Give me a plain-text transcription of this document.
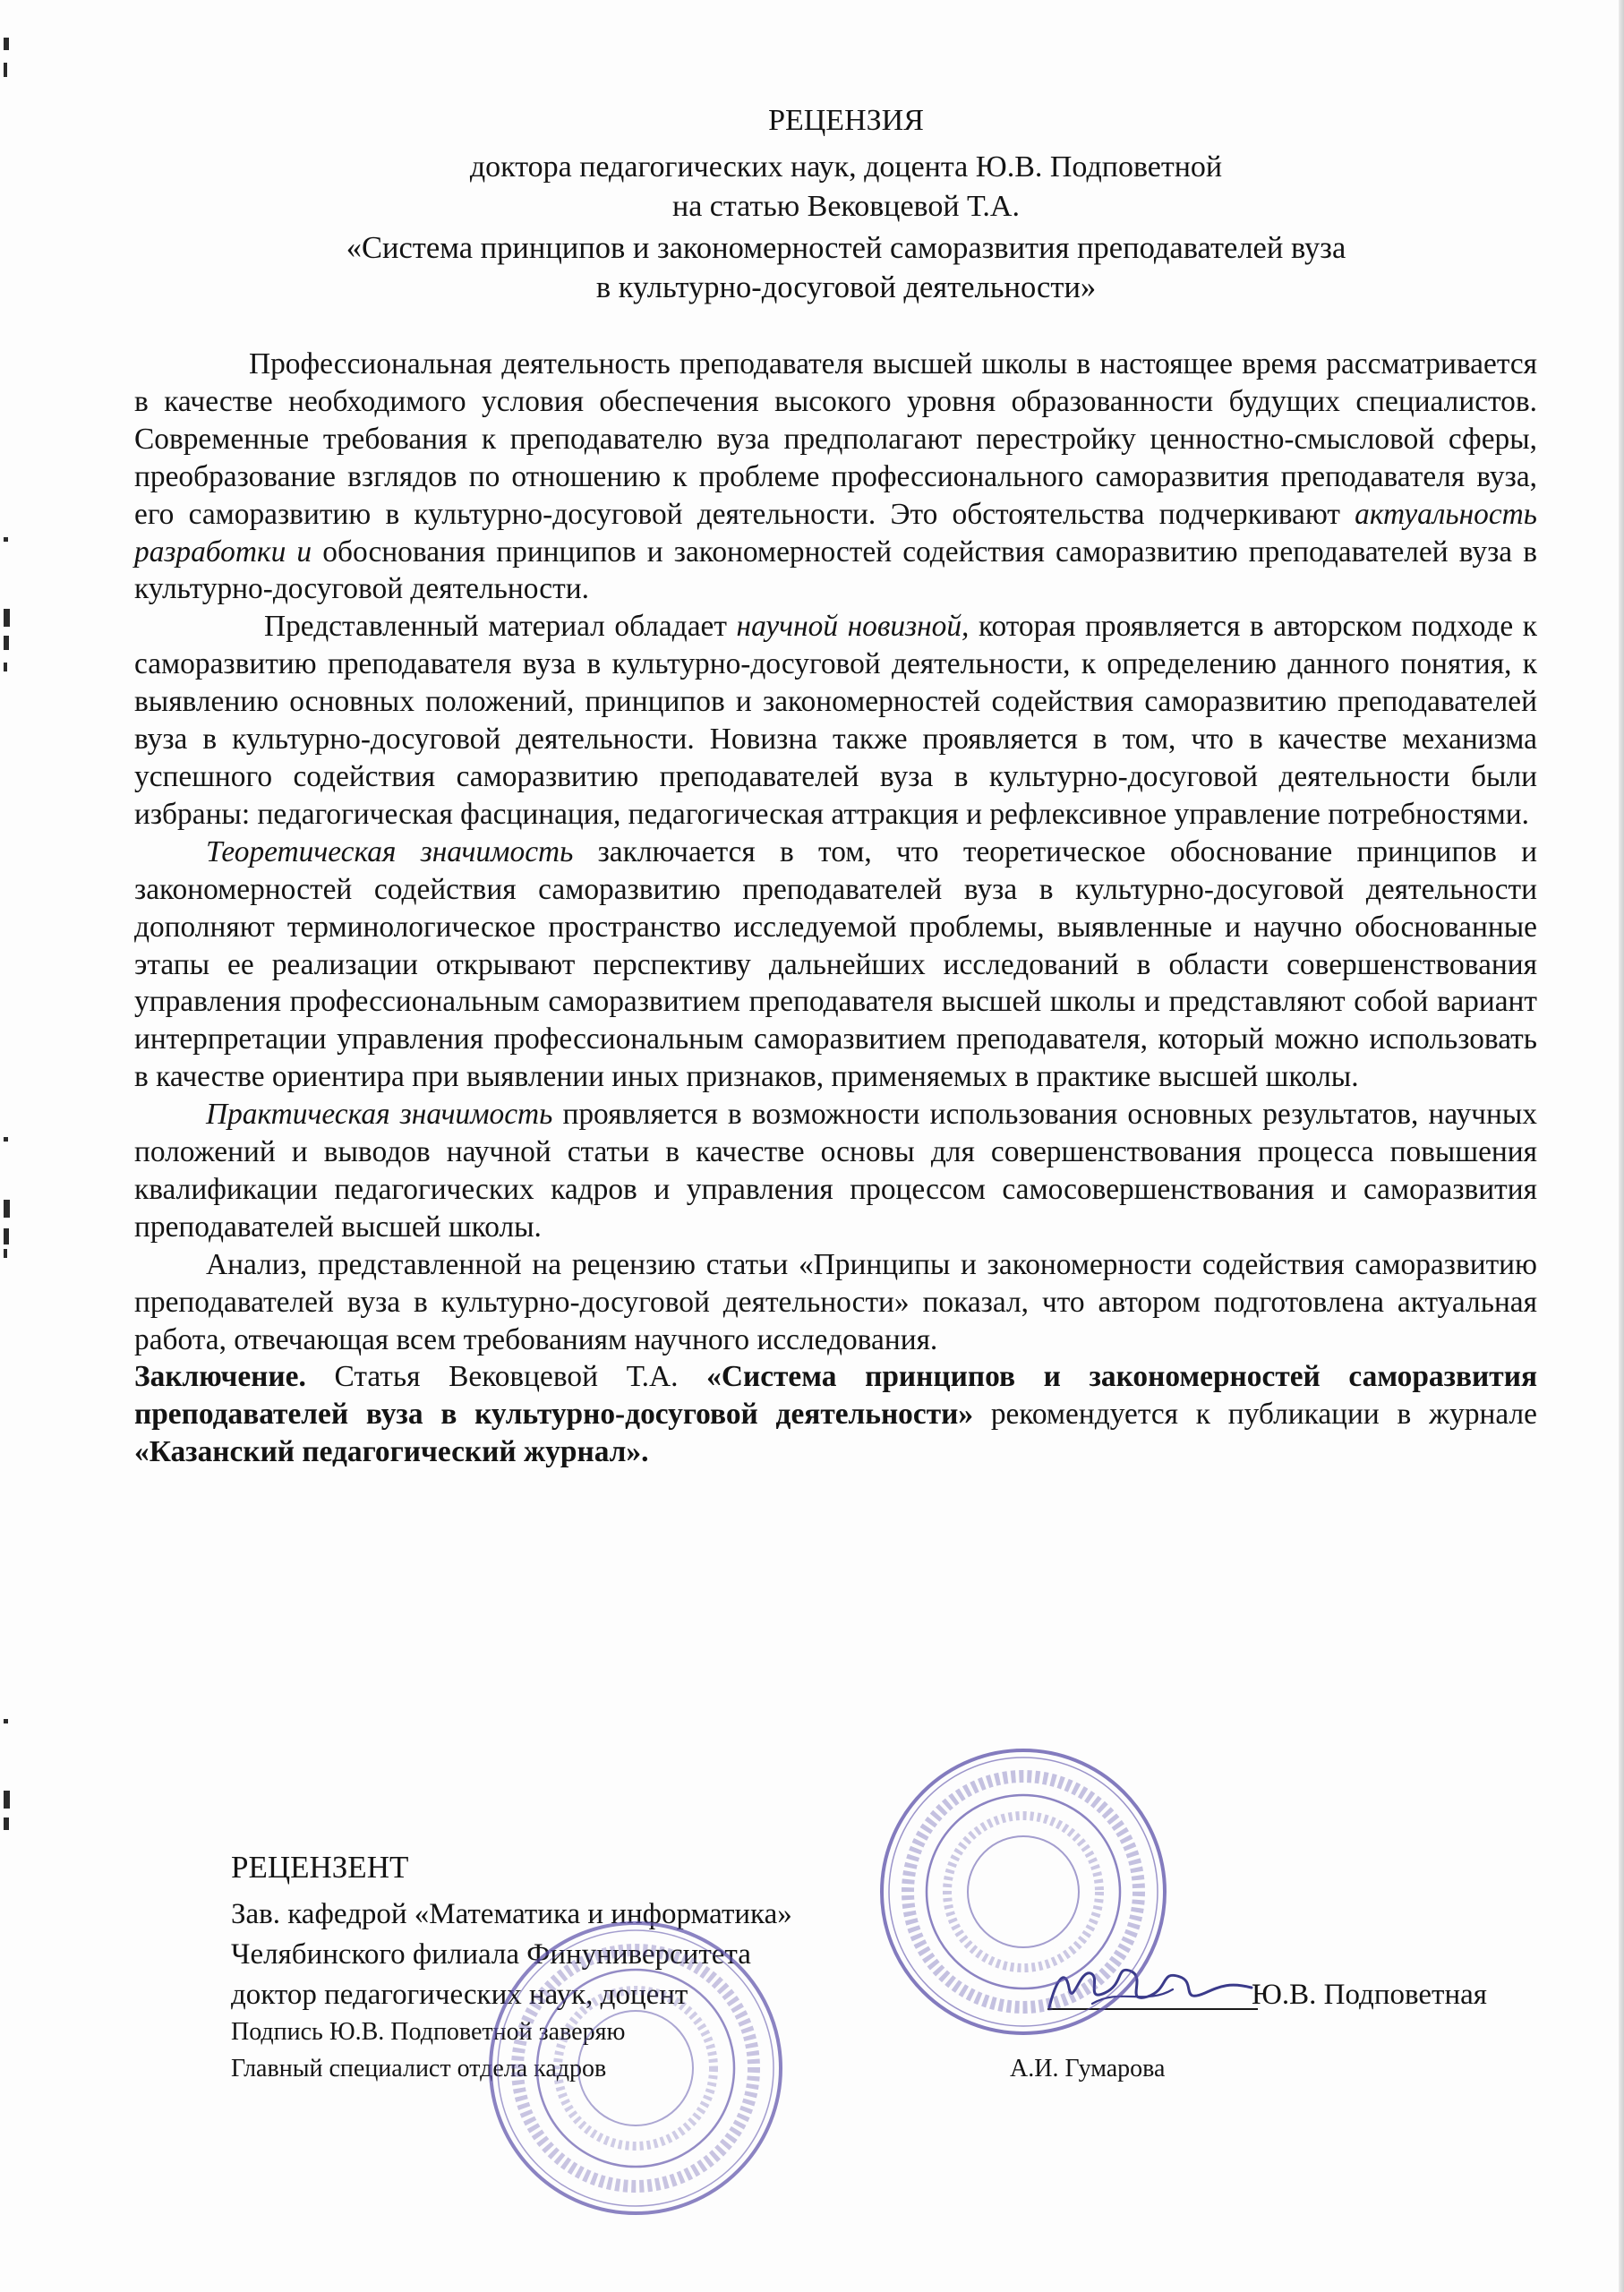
РЕЦЕНЗИЯ
доктора педагогических наук, доцента Ю.В. Подповетной
на статью Вековцевой Т.А.
«Система принципов и закономерностей саморазвития преподавателей вуза
в культурно-досуговой деятельности»

Профессиональная деятельность преподавателя высшей школы в настоящее время рассматривается в качестве необходимого условия обеспечения высокого уровня образованности будущих специалистов. Современные требования к преподавателю вуза предполагают перестройку ценностно-смысловой сферы, преобразование взглядов по отношению к проблеме профессионального саморазвития преподавателя вуза, его саморазвитию в культурно-досуговой деятельности. Это обстоятельства подчеркивают актуальность разработки и обоснования принципов и закономерностей содействия саморазвитию преподавателей вуза в культурно-досуговой деятельности.

Представленный материал обладает научной новизной, которая проявляется в авторском подходе к саморазвитию преподавателя вуза в культурно-досуговой деятельности, к определению данного понятия, к выявлению основных положений, принципов и закономерностей содействия саморазвитию преподавателей вуза в культурно-досуговой деятельности. Новизна также проявляется в том, что в качестве механизма успешного содействия саморазвитию преподавателей вуза в культурно-досуговой деятельности были избраны: педагогическая фасцинация, педагогическая аттракция и рефлексивное управление потребностями.

Теоретическая значимость заключается в том, что теоретическое обоснование принципов и закономерностей содействия саморазвитию преподавателей вуза в культурно-досуговой деятельности дополняют терминологическое пространство исследуемой проблемы, выявленные и научно обоснованные этапы ее реализации открывают перспективу дальнейших исследований в области совершенствования управления профессиональным саморазвитием преподавателя высшей школы и представляют собой вариант интерпретации управления профессиональным саморазвитием преподавателя, который можно использовать в качестве ориентира при выявлении иных признаков, применяемых в практике высшей школы.

Практическая значимость проявляется в возможности использования основных результатов, научных положений и выводов научной статьи в качестве основы для совершенствования процесса повышения квалификации педагогических кадров и управления процессом самосовершенствования и саморазвития преподавателей высшей школы.

Анализ, представленной на рецензию статьи «Принципы и закономерности содействия саморазвитию преподавателей вуза в культурно-досуговой деятельности» показал, что автором подготовлена актуальная работа, отвечающая всем требованиям научного исследования.

Заключение. Статья Вековцевой Т.А. «Система принципов и закономерностей саморазвития преподавателей вуза в культурно-досуговой деятельности» рекомендуется к публикации в журнале «Казанский педагогический журнал».

РЕЦЕНЗЕНТ
Зав. кафедрой «Математика и информатика»
Челябинского филиала Финуниверситета
доктор педагогических наук, доцент	Ю.В. Подповетная
Подпись Ю.В. Подповетной заверяю
Главный специалист отдела кадров	А.И. Гумарова
